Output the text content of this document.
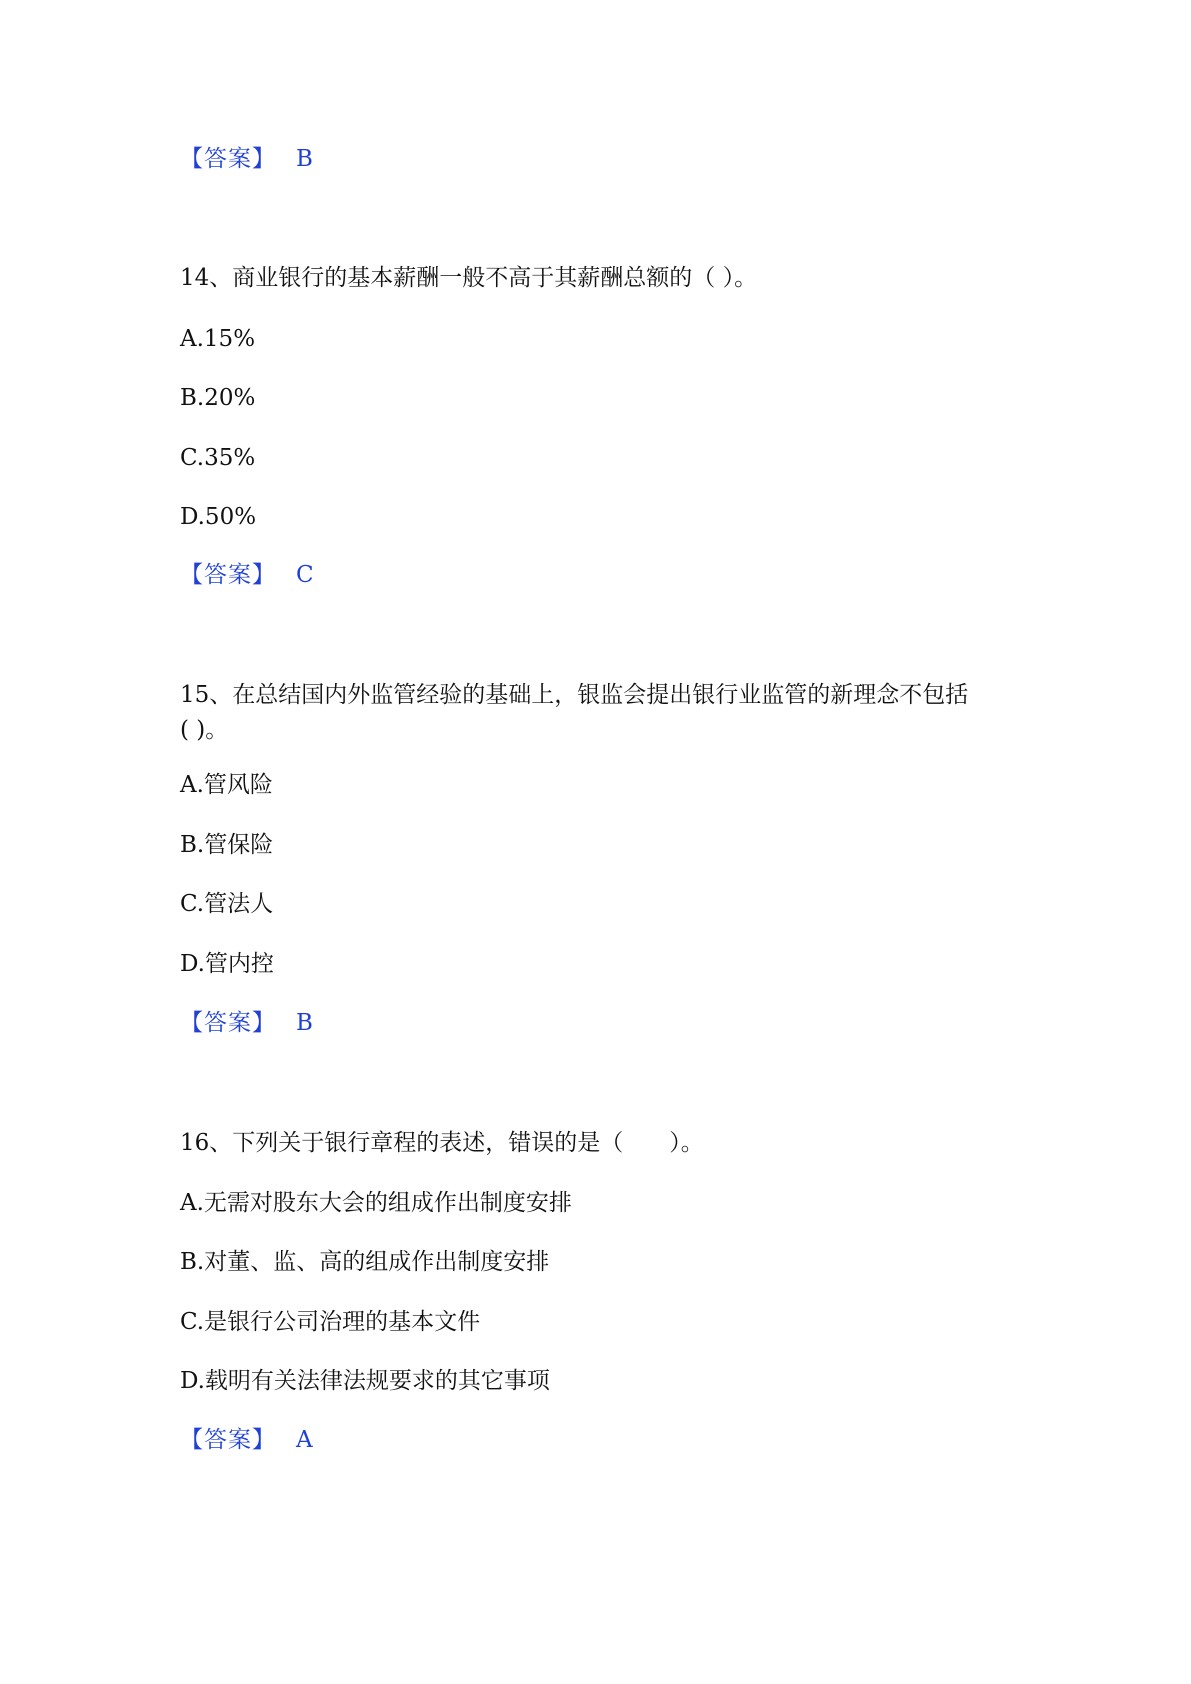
【答案】 B
14、商业银行的基本薪酬一般不高于其薪酬总额的（ ）。
A.15%
B.20%
C.35%
D.50%
【答案】 C
15、在总结国内外监管经验的基础上，银监会提出银行业监管的新理念不包括
( )。
A.管风险
B.管保险
C.管法人
D.管内控
【答案】 B
16、下列关于银行章程的表述，错误的是（　　）。
A.无需对股东大会的组成作出制度安排
B.对董、监、高的组成作出制度安排
C.是银行公司治理的基本文件
D.载明有关法律法规要求的其它事项
【答案】 A
